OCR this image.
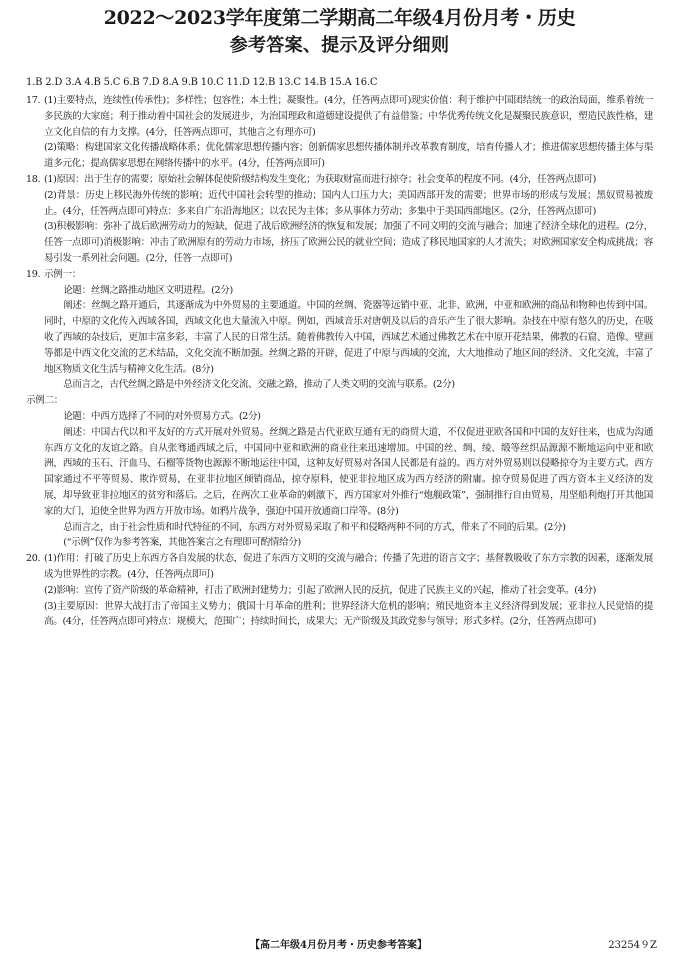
2022～2023学年度第二学期高二年级4月份月考・历史
参考答案、提示及评分细则
1.B 2.D 3.A 4.B 5.C 6.B 7.D 8.A 9.B 10.C 11.D 12.B 13.C 14.B 15.A 16.C
17. (1)主要特点，连续性(传承性)；多样性；包容性；本土性；凝聚性。(4分，任答两点即可)现实价值：利于维护中国团结统一的政治局面，维系着统一多民族的大家庭；利于推动着中国社会的发展进步，为治国理政和道德建设提供了有益借鉴；中华优秀传统文化是凝聚民族意识，塑造民族性格，建立文化自信的有力支撑。(4分，任答两点即可，其他言之有理亦可)

(2)策略：构建国家文化传播战略体系；优化儒家思想传播内容；创新儒家思想传播体制并改革教育制度，培育传播人才；推进儒家思想传播主体与渠道多元化；提高儒家思想在网络传播中的水平。(4分，任答两点即可)

18. (1)原因：出于生存的需要；原始社会解体促使阶级结构发生变化；为获取财富而进行掠夺；社会变革的程度不同。(4分，任答两点即可)

(2)背景：历史上移民海外传统的影响；近代中国社会转型的推动；国内人口压力大；美国西部开发的需要；世界市场的形成与发展；黑奴贸易被废止。(4分，任答两点即可)特点：多来自广东沿海地区；以农民为主体；多从事体力劳动；多集中于美国西部地区。(2分，任答两点即可)

(3)积极影响：弥补了战后欧洲劳动力的短缺，促进了战后欧洲经济的恢复和发展；加强了不同文明的交流与融合；加速了经济全球化的进程。(2分，任答一点即可)消极影响：冲击了欧洲原有的劳动力市场，挤压了欧洲公民的就业空间；造成了移民地国家的人才流失；对欧洲国家安全构成挑战；容易引发一系列社会问题。(2分，任答一点即可)

19. 示例一：

论题：丝绸之路推动地区文明进程。(2分)

阐述：丝绸之路开通后，其逐渐成为中外贸易的主要通道。中国的丝绸、瓷器等远销中亚、北非、欧洲，中亚和欧洲的商品和物种也传到中国。同时，中原的文化传入西域各国，西域文化也大量流入中原。例如，西域音乐对唐朝及以后的音乐产生了很大影响。杂技在中原有悠久的历史，在吸收了西域的杂技后，更加丰富多彩，丰富了人民的日常生活。随着佛教传入中国，西域艺术通过佛教艺术在中原开花结果，佛教的石窟、造像、壁画等都是中西文化交流的艺术结晶，文化交流不断加强。丝绸之路的开辟，促进了中原与西域的交流，大大地推动了地区间的经济、文化交流，丰富了地区物质文化生活与精神文化生活。(8分)

总而言之，古代丝绸之路是中外经济文化交流、交融之路，推动了人类文明的交流与联系。(2分)

示例二：

论题：中西方选择了不同的对外贸易方式。(2分)

阐述：中国古代以和平友好的方式开展对外贸易。丝绸之路是古代亚欧互通有无的商贸大道，不仅促进亚欧各国和中国的友好往来，也成为沟通东西方文化的友谊之路。自从张骞通西域之后，中国同中亚和欧洲的商业往来迅速增加。中国的丝、绸、绫、缎等丝织品源源不断地运向中亚和欧洲，西域的玉石、汗血马、石榴等货物也源源不断地运往中国，这种友好贸易对各国人民都是有益的。西方对外贸易则以侵略掠夺为主要方式。西方国家通过不平等贸易、欺诈贸易，在亚非拉地区倾销商品，掠夺原料，使亚非拉地区成为西方经济的附庸。掠夺贸易促进了西方资本主义经济的发展，却导致亚非拉地区的贫穷和落后。之后，在两次工业革命的刺激下，西方国家对外推行“炮舰政策”，强制推行自由贸易，用坚船利炮打开其他国家的大门，迫使全世界为西方开放市场。如鸦片战争，强迫中国开放通商口岸等。(8分)

总而言之，由于社会性质和时代特征的不同，东西方对外贸易采取了和平和侵略两种不同的方式，带来了不同的后果。(2分)

(“示例”仅作为参考答案，其他答案言之有理即可酌情给分)

20. (1)作用：打破了历史上东西方各自发展的状态，促进了东西方文明的交流与融合；传播了先进的语言文字；基督教吸收了东方宗教的因素，逐渐发展成为世界性的宗教。(4分，任答两点即可)

(2)影响：宣传了资产阶级的革命精神，打击了欧洲封建势力；引起了欧洲人民的反抗，促进了民族主义的兴起，推动了社会变革。(4分)

(3)主要原因：世界大战打击了帝国主义势力；俄国十月革命的胜利；世界经济大危机的影响；殖民地资本主义经济得到发展；亚非拉人民觉悟的提高。(4分，任答两点即可)特点：规模大，范围广；持续时间长，成果大；无产阶级及其政党参与领导；形式多样。(2分，任答两点即可)

【高二年级4月份月考・历史参考答案】	23254９Z
